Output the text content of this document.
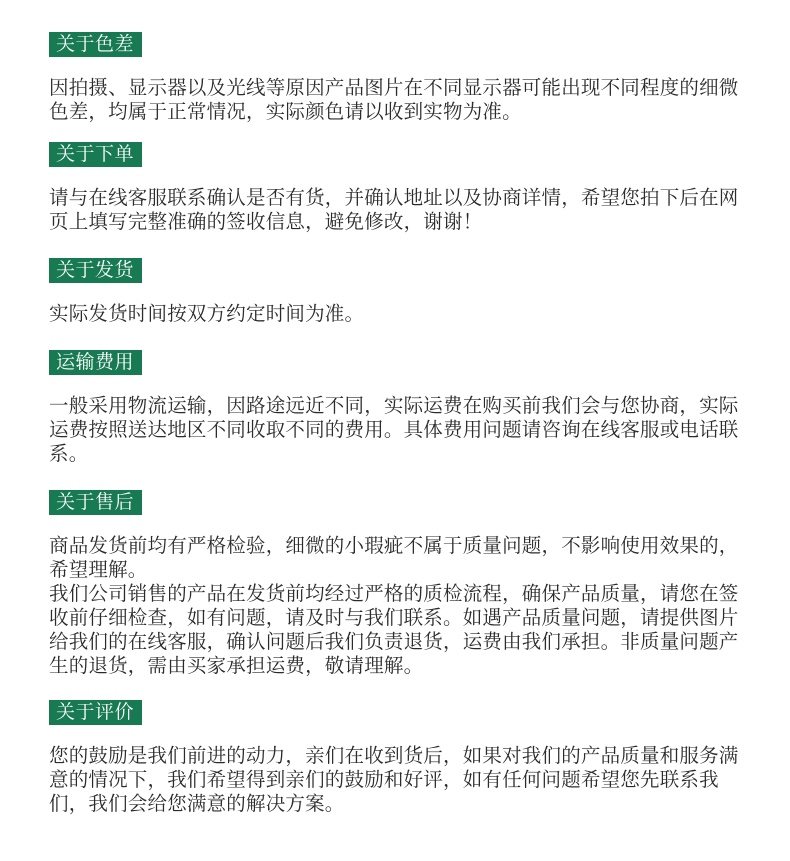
关于色差

因拍摄、显示器以及光线等原因产品图片在不同显示器可能出现不同程度的细微色差，均属于正常情况，实际颜色请以收到实物为准。

关于下单

请与在线客服联系确认是否有货，并确认地址以及协商详情，希望您拍下后在网页上填写完整准确的签收信息，避免修改，谢谢！

关于发货

实际发货时间按双方约定时间为准。

运输费用

一般采用物流运输，因路途远近不同，实际运费在购买前我们会与您协商，实际运费按照送达地区不同收取不同的费用。具体费用问题请咨询在线客服或电话联系。

关于售后

商品发货前均有严格检验，细微的小瑕疵不属于质量问题，不影响使用效果的，希望理解。

我们公司销售的产品在发货前均经过严格的质检流程，确保产品质量，请您在签收前仔细检查，如有问题，请及时与我们联系。如遇产品质量问题，请提供图片给我们的在线客服，确认问题后我们负责退货，运费由我们承担。非质量问题产生的退货，需由买家承担运费，敬请理解。

关于评价

您的鼓励是我们前进的动力，亲们在收到货后，如果对我们的产品质量和服务满意的情况下，我们希望得到亲们的鼓励和好评，如有任何问题希望您先联系我们，我们会给您满意的解决方案。
